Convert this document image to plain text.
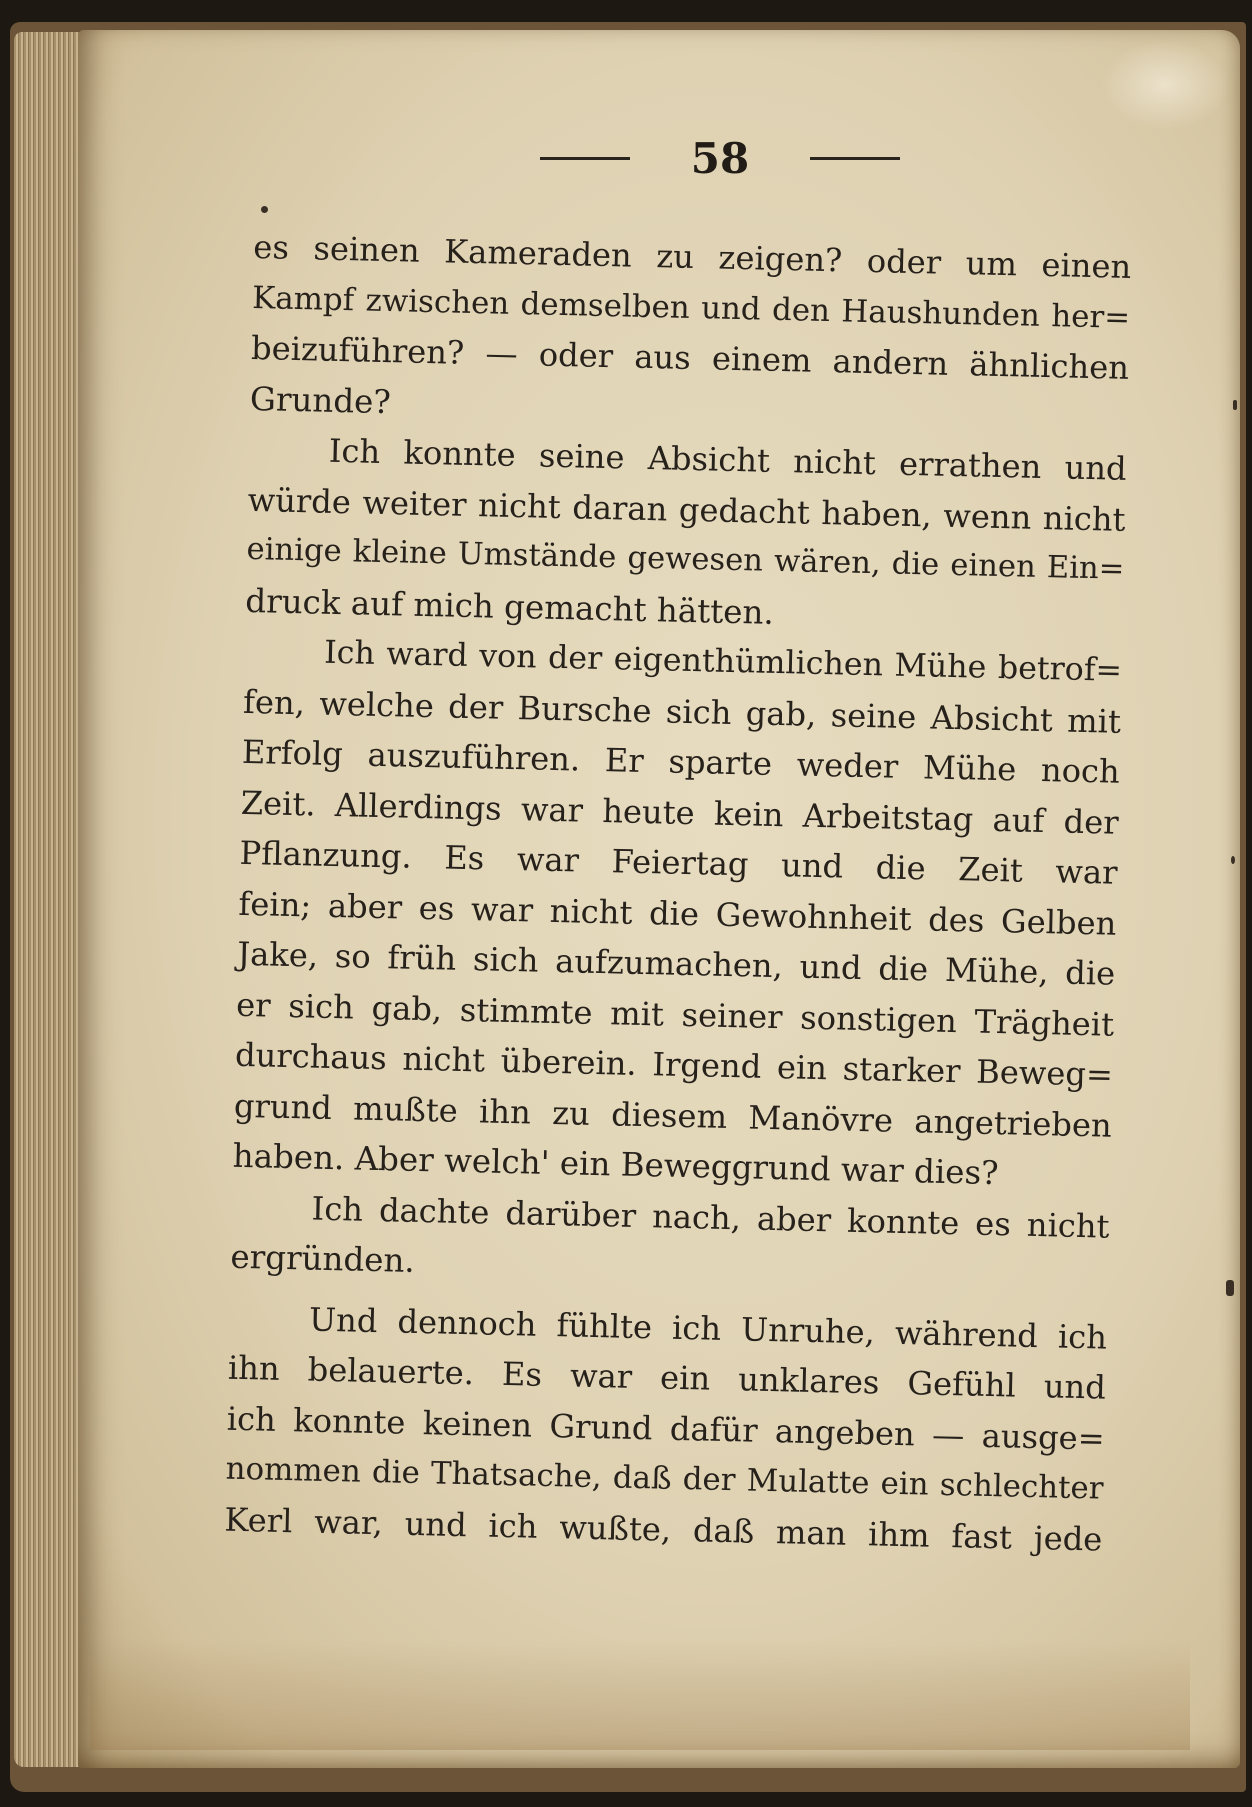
58
es seinen Kameraden zu zeigen? oder um einen
Kampf zwischen demselben und den Haushunden her=
beizuführen? — oder aus einem andern ähnlichen
Grunde?
Ich konnte seine Absicht nicht errathen und
würde weiter nicht daran gedacht haben, wenn nicht
einige kleine Umstände gewesen wären, die einen Ein=
druck auf mich gemacht hätten.
Ich ward von der eigenthümlichen Mühe betrof=
fen, welche der Bursche sich gab, seine Absicht mit
Erfolg auszuführen. Er sparte weder Mühe noch
Zeit. Allerdings war heute kein Arbeitstag auf der
Pflanzung. Es war Feiertag und die Zeit war
fein; aber es war nicht die Gewohnheit des Gelben
Jake, so früh sich aufzumachen, und die Mühe, die
er sich gab, stimmte mit seiner sonstigen Trägheit
durchaus nicht überein. Irgend ein starker Beweg=
grund mußte ihn zu diesem Manövre angetrieben
haben. Aber welch' ein Beweggrund war dies?
Ich dachte darüber nach, aber konnte es nicht
ergründen.
Und dennoch fühlte ich Unruhe, während ich
ihn belauerte. Es war ein unklares Gefühl und
ich konnte keinen Grund dafür angeben — ausge=
nommen die Thatsache, daß der Mulatte ein schlechter
Kerl war, und ich wußte, daß man ihm fast jede
